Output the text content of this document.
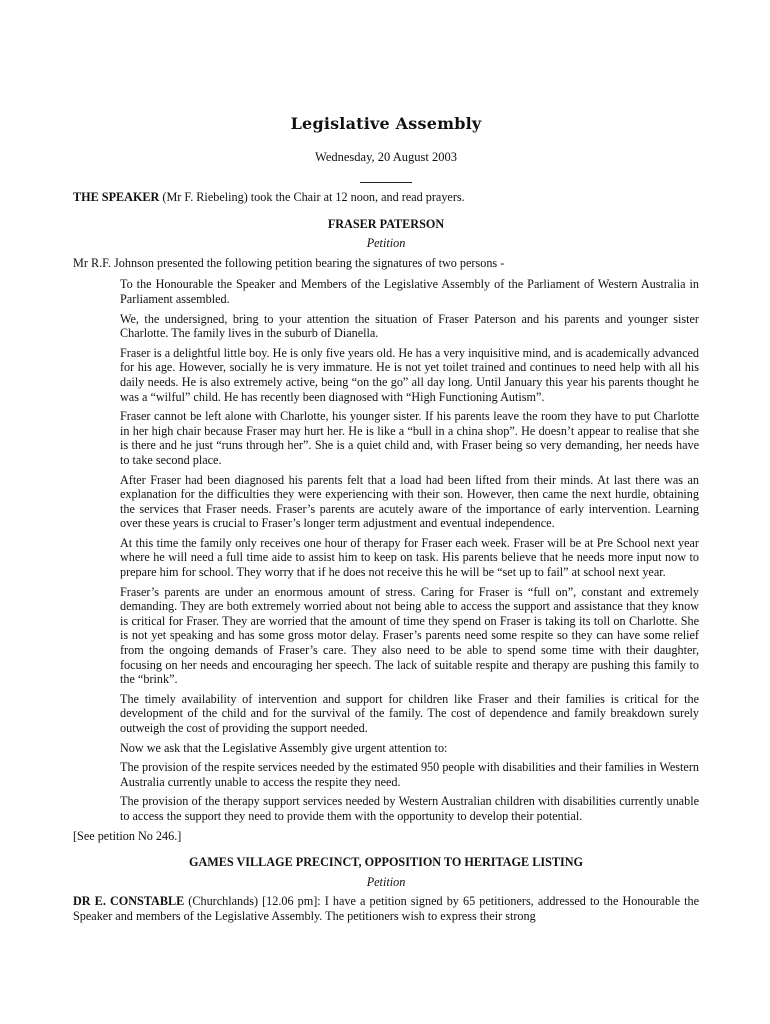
Legislative Assembly
Wednesday, 20 August 2003

THE SPEAKER (Mr F. Riebeling) took the Chair at 12 noon, and read prayers.

FRASER PATERSON

Petition

Mr R.F. Johnson presented the following petition bearing the signatures of two persons -

To the Honourable the Speaker and Members of the Legislative Assembly of the Parliament of Western Australia in Parliament assembled.

We, the undersigned, bring to your attention the situation of Fraser Paterson and his parents and younger sister Charlotte. The family lives in the suburb of Dianella.

Fraser is a delightful little boy. He is only five years old. He has a very inquisitive mind, and is academically advanced for his age. However, socially he is very immature. He is not yet toilet trained and continues to need help with all his daily needs. He is also extremely active, being “on the go” all day long. Until January this year his parents thought he was a “wilful” child. He has recently been diagnosed with “High Functioning Autism”.

Fraser cannot be left alone with Charlotte, his younger sister. If his parents leave the room they have to put Charlotte in her high chair because Fraser may hurt her. He is like a “bull in a china shop”. He doesn’t appear to realise that she is there and he just “runs through her”. She is a quiet child and, with Fraser being so very demanding, her needs have to take second place.

After Fraser had been diagnosed his parents felt that a load had been lifted from their minds. At last there was an explanation for the difficulties they were experiencing with their son. However, then came the next hurdle, obtaining the services that Fraser needs. Fraser’s parents are acutely aware of the importance of early intervention. Learning over these years is crucial to Fraser’s longer term adjustment and eventual independence.

At this time the family only receives one hour of therapy for Fraser each week. Fraser will be at Pre School next year where he will need a full time aide to assist him to keep on task. His parents believe that he needs more input now to prepare him for school. They worry that if he does not receive this he will be “set up to fail” at school next year.

Fraser’s parents are under an enormous amount of stress. Caring for Fraser is “full on”, constant and extremely demanding. They are both extremely worried about not being able to access the support and assistance that they know is critical for Fraser. They are worried that the amount of time they spend on Fraser is taking its toll on Charlotte. She is not yet speaking and has some gross motor delay. Fraser’s parents need some respite so they can have some relief from the ongoing demands of Fraser’s care. They also need to be able to spend some time with their daughter, focusing on her needs and encouraging her speech. The lack of suitable respite and therapy are pushing this family to the “brink”.

The timely availability of intervention and support for children like Fraser and their families is critical for the development of the child and for the survival of the family. The cost of dependence and family breakdown surely outweigh the cost of providing the support needed.

Now we ask that the Legislative Assembly give urgent attention to:

The provision of the respite services needed by the estimated 950 people with disabilities and their families in Western Australia currently unable to access the respite they need.

The provision of the therapy support services needed by Western Australian children with disabilities currently unable to access the support they need to provide them with the opportunity to develop their potential.

[See petition No 246.]

GAMES VILLAGE PRECINCT, OPPOSITION TO HERITAGE LISTING

Petition

DR E. CONSTABLE (Churchlands) [12.06 pm]: I have a petition signed by 65 petitioners, addressed to the Honourable the Speaker and members of the Legislative Assembly. The petitioners wish to express their strong
